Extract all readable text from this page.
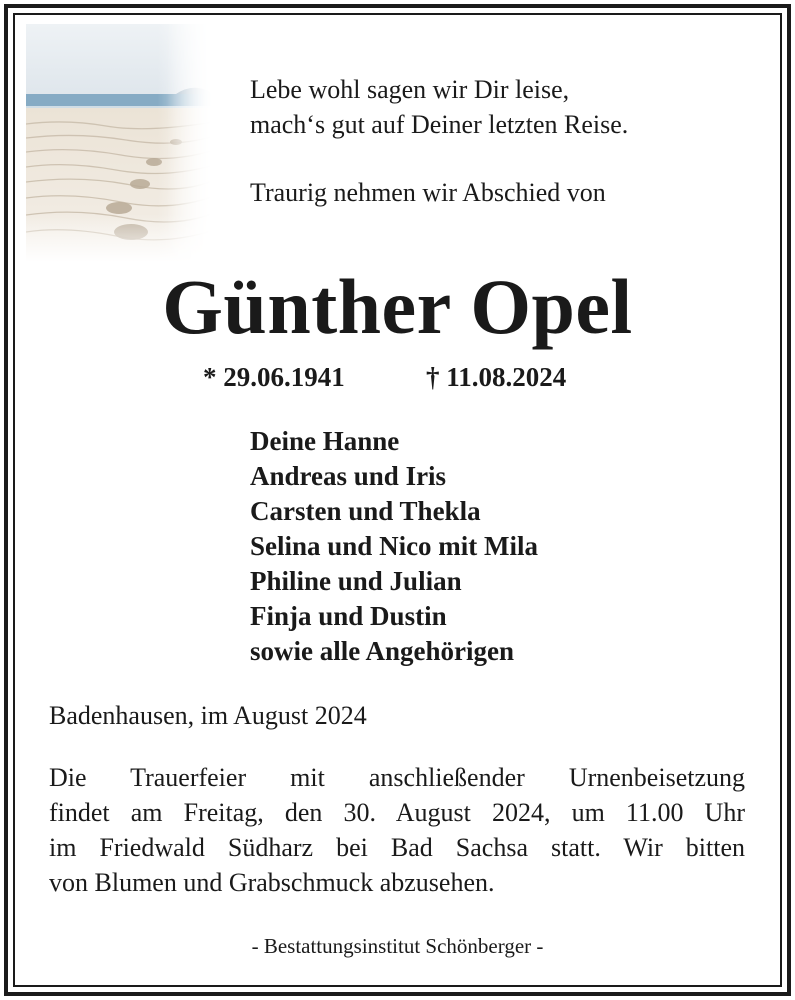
Lebe wohl sagen wir Dir leise,
mach‘s gut auf Deiner letzten Reise.
Traurig nehmen wir Abschied von
Günther Opel
* 29.06.1941	† 11.08.2024
Deine Hanne
Andreas und Iris
Carsten und Thekla
Selina und Nico mit Mila
Philine und Julian
Finja und Dustin
sowie alle Angehörigen
Badenhausen, im August 2024
Die Trauerfeier mit anschließender Urnenbeisetzung
findet am Freitag, den 30. August 2024, um 11.00 Uhr
im Friedwald Südharz bei Bad Sachsa statt. Wir bitten
von Blumen und Grabschmuck abzusehen.
- Bestattungsinstitut Schönberger -
